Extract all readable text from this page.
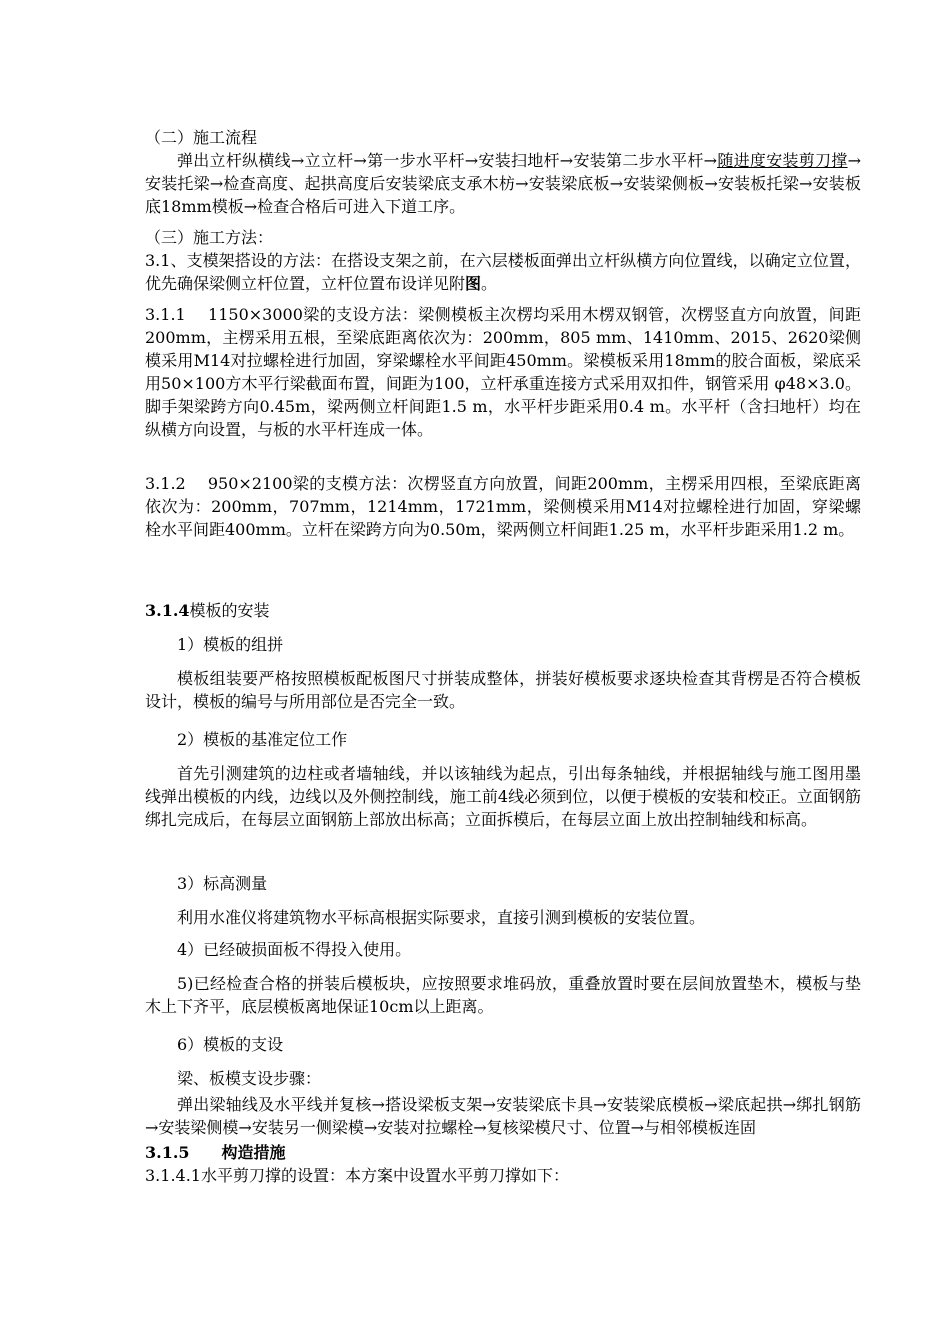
（二）施工流程

弹出立杆纵横线→立立杆→第一步水平杆→安装扫地杆→安装第二步水平杆→随进度安装剪刀撑→安装托梁→检查高度、起拱高度后安装梁底支承木枋→安装梁底板→安装梁侧板→安装板托梁→安装板底18mm模板→检查合格后可进入下道工序。

（三）施工方法：

3.1、支模架搭设的方法：在搭设支架之前，在六层楼板面弹出立杆纵横方向位置线，以确定立位置，优先确保梁侧立杆位置，立杆位置布设详见附图。

3.1.1　 1150×3000梁的支设方法：梁侧模板主次楞均采用木楞双钢管，次楞竖直方向放置，间距200mm，主楞采用五根，至梁底距离依次为：200mm，805 mm、1410mm、2015、2620梁侧模采用M14对拉螺栓进行加固，穿梁螺栓水平间距450mm。梁模板采用18mm的胶合面板，梁底采用50×100方木平行梁截面布置，间距为100，立杆承重连接方式采用双扣件，钢管采用 φ48×3.0。脚手架梁跨方向0.45m，梁两侧立杆间距1.5 m，水平杆步距采用0.4 m。水平杆（含扫地杆）均在纵横方向设置，与板的水平杆连成一体。

3.1.2　 950×2100梁的支模方法：次楞竖直方向放置，间距200mm，主楞采用四根，至梁底距离依次为：200mm，707mm，1214mm，1721mm，梁侧模采用M14对拉螺栓进行加固，穿梁螺栓水平间距400mm。立杆在梁跨方向为0.50m，梁两侧立杆间距1.25 m，水平杆步距采用1.2 m。

3.1.4模板的安装

1）模板的组拼

模板组装要严格按照模板配板图尺寸拼装成整体，拼装好模板要求逐块检查其背楞是否符合模板设计，模板的编号与所用部位是否完全一致。

2）模板的基准定位工作

首先引测建筑的边柱或者墙轴线，并以该轴线为起点，引出每条轴线，并根据轴线与施工图用墨线弹出模板的内线，边线以及外侧控制线，施工前4线必须到位，以便于模板的安装和校正。立面钢筋绑扎完成后，在每层立面钢筋上部放出标高；立面拆模后，在每层立面上放出控制轴线和标高。

3）标高测量

利用水准仪将建筑物水平标高根据实际要求，直接引测到模板的安装位置。

4）已经破损面板不得投入使用。

5)已经检查合格的拼装后模板块，应按照要求堆码放，重叠放置时要在层间放置垫木，模板与垫木上下齐平，底层模板离地保证10cm以上距离。

6）模板的支设

梁、板模支设步骤：

弹出梁轴线及水平线并复核→搭设梁板支架→安装梁底卡具→安装梁底模板→梁底起拱→绑扎钢筋→安装梁侧模→安装另一侧梁模→安装对拉螺栓→复核梁模尺寸、位置→与相邻模板连固

3.1.5 构造措施

3.1.4.1水平剪刀撑的设置：本方案中设置水平剪刀撑如下：
